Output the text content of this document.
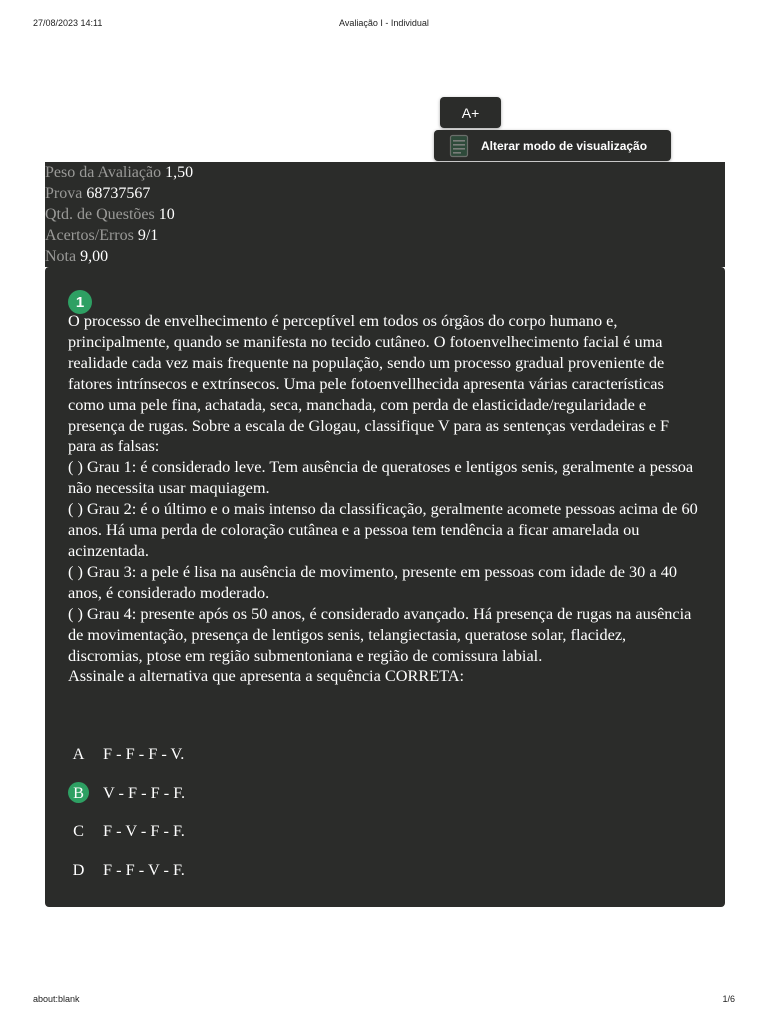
27/08/2023 14:11	Avaliação I - Individual
A+
Alterar modo de visualização
Peso da Avaliação 1,50
Prova 68737567
Qtd. de Questões 10
Acertos/Erros 9/1
Nota 9,00
1

O processo de envelhecimento é perceptível em todos os órgãos do corpo humano e, principalmente, quando se manifesta no tecido cutâneo. O fotoenvelhecimento facial é uma realidade cada vez mais frequente na população, sendo um processo gradual proveniente de fatores intrínsecos e extrínsecos. Uma pele fotoenvellhecida apresenta várias características como uma pele fina, achatada, seca, manchada, com perda de elasticidade/regularidade e presença de rugas. Sobre a escala de Glogau, classifique V para as sentenças verdadeiras e F para as falsas:

( ) Grau 1: é considerado leve. Tem ausência de queratoses e lentigos senis, geralmente a pessoa não necessita usar maquiagem.

( ) Grau 2: é o último e o mais intenso da classificação, geralmente acomete pessoas acima de 60 anos. Há uma perda de coloração cutânea e a pessoa tem tendência a ficar amarelada ou acinzentada.

( ) Grau 3: a pele é lisa na ausência de movimento, presente em pessoas com idade de 30 a 40 anos, é considerado moderado.

( ) Grau 4: presente após os 50 anos, é considerado avançado. Há presença de rugas na ausência de movimentação, presença de lentigos senis, telangiectasia, queratose solar, flacidez, discromias, ptose em região submentoniana e região de comissura labial.

Assinale a alternativa que apresenta a sequência CORRETA:

A F - F - F - V.
B	V - F - F - F.
C	F - V - F - F.
D F - F - V - F.
about:blank	1/6
